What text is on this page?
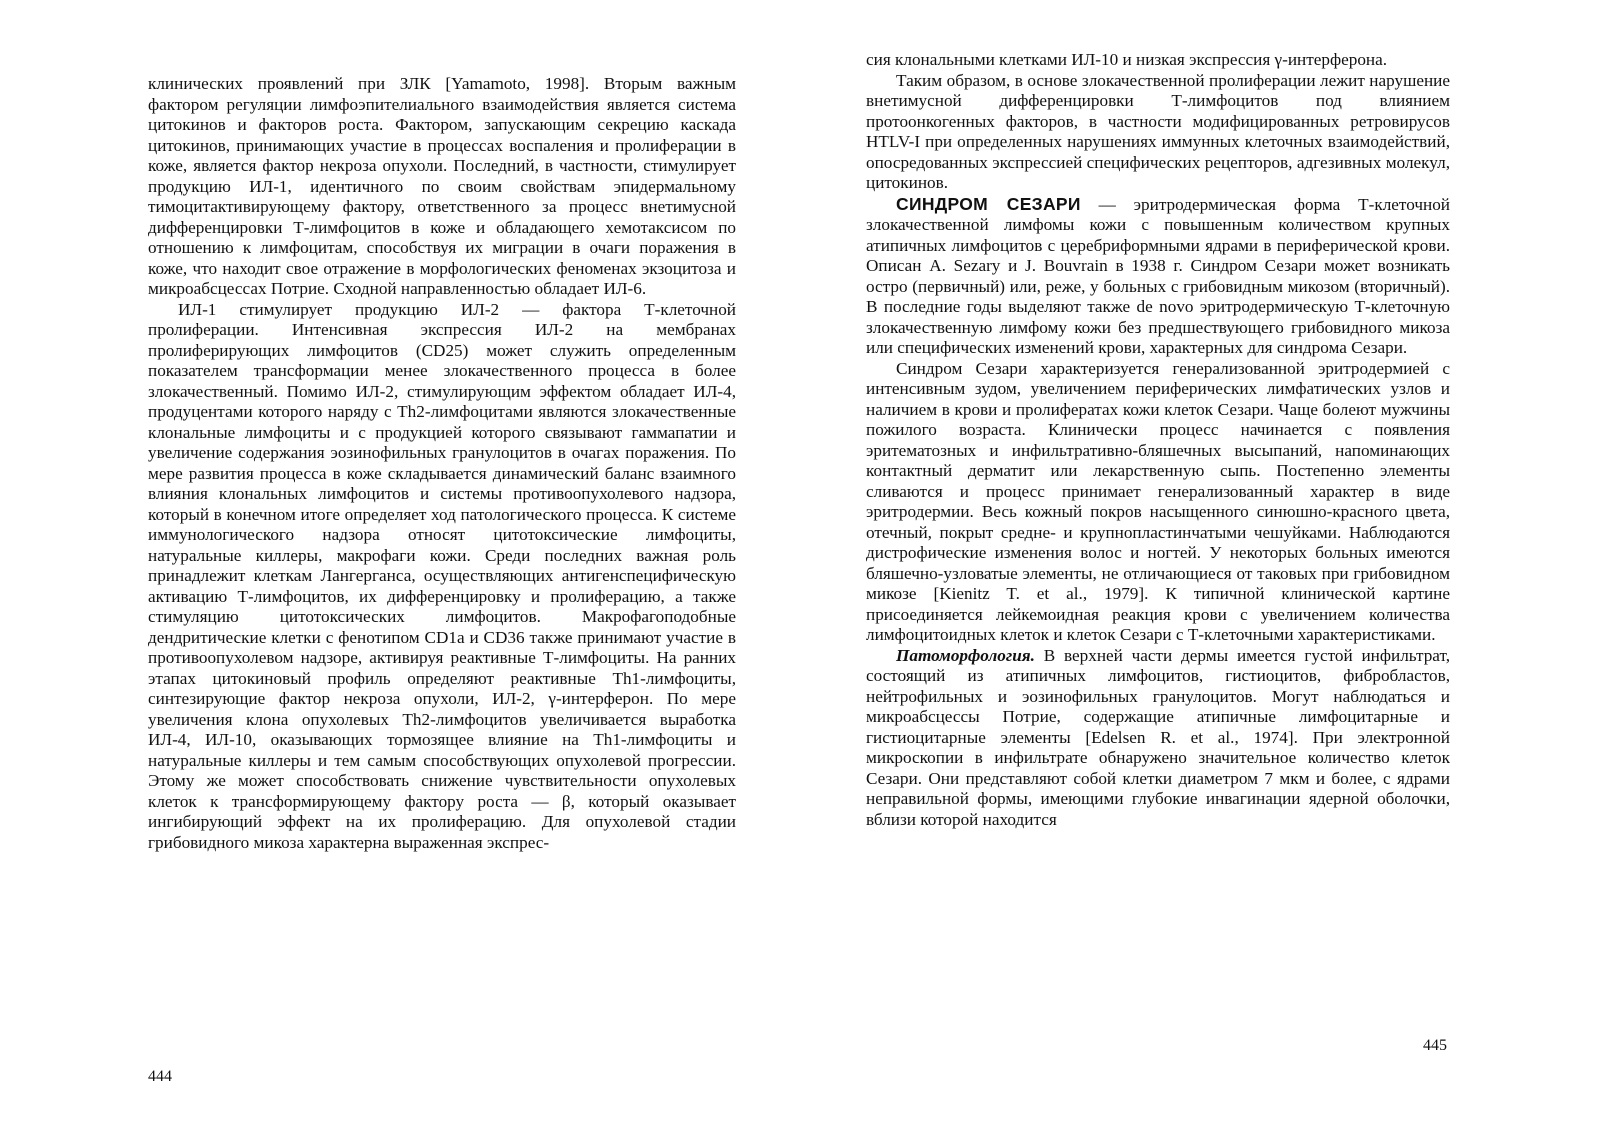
клинических проявлений при ЗЛК [Yamamoto, 1998]. Вторым важным фактором регуляции лимфоэпителиального взаимодействия является система цитокинов и факторов роста. Фактором, запускающим секрецию каскада цитокинов, принимающих участие в процессах воспаления и пролиферации в коже, является фактор некроза опухоли. Последний, в частности, стимулирует продукцию ИЛ-1, идентичного по своим свойствам эпидермальному тимоцитактивирующему фактору, ответственного за процесс внетимусной дифференцировки Т-лимфоцитов в коже и обладающего хемотаксисом по отношению к лимфоцитам, способствуя их миграции в очаги поражения в коже, что находит свое отражение в морфологических феноменах экзоцитоза и микроабсцессах Потрие. Сходной направленностью обладает ИЛ-6.

ИЛ-1 стимулирует продукцию ИЛ-2 — фактора Т-клеточной пролиферации. Интенсивная экспрессия ИЛ-2 на мембранах пролиферирующих лимфоцитов (CD25) может служить определенным показателем трансформации менее злокачественного процесса в более злокачественный. Помимо ИЛ-2, стимулирующим эффектом обладает ИЛ-4, продуцентами которого наряду с Th2-лимфоцитами являются злокачественные клональные лимфоциты и с продукцией которого связывают гаммапатии и увеличение содержания эозинофильных гранулоцитов в очагах поражения. По мере развития процесса в коже складывается динамический баланс взаимного влияния клональных лимфоцитов и системы противоопухолевого надзора, который в конечном итоге определяет ход патологического процесса. К системе иммунологического надзора относят цитотоксические лимфоциты, натуральные киллеры, макрофаги кожи. Среди последних важная роль принадлежит клеткам Лангерганса, осуществляющих антигенспецифическую активацию Т-лимфоцитов, их дифференцировку и пролиферацию, а также стимуляцию цитотоксических лимфоцитов. Макрофагоподобные дендритические клетки с фенотипом CD1a и CD36 также принимают участие в противоопухолевом надзоре, активируя реактивные Т-лимфоциты. На ранних этапах цитокиновый профиль определяют реактивные Th1-лимфоциты, синтезирующие фактор некроза опухоли, ИЛ-2, γ-интерферон. По мере увеличения клона опухолевых Th2-лимфоцитов увеличивается выработка ИЛ-4, ИЛ-10, оказывающих тормозящее влияние на Th1-лимфоциты и натуральные киллеры и тем самым способствующих опухолевой прогрессии. Этому же может способствовать снижение чувствительности опухолевых клеток к трансформирующему фактору роста — β, который оказывает ингибирующий эффект на их пролиферацию. Для опухолевой стадии грибовидного микоза характерна выраженная экспрес-

444

сия клональными клетками ИЛ-10 и низкая экспрессия γ-интерферона.

Таким образом, в основе злокачественной пролиферации лежит нарушение внетимусной дифференцировки Т-лимфоцитов под влиянием протоонкогенных факторов, в частности модифицированных ретровирусов HTLV-I при определенных нарушениях иммунных клеточных взаимодействий, опосредованных экспрессией специфических рецепторов, адгезивных молекул, цитокинов.

СИНДРОМ СЕЗАРИ — эритродермическая форма Т-клеточной злокачественной лимфомы кожи с повышенным количеством крупных атипичных лимфоцитов с церебриформными ядрами в периферической крови. Описан A. Sezary и J. Bouvrain в 1938 г. Синдром Сезари может возникать остро (первичный) или, реже, у больных с грибовидным микозом (вторичный). В последние годы выделяют также de novo эритродермическую Т-клеточную злокачественную лимфому кожи без предшествующего грибовидного микоза или специфических изменений крови, характерных для синдрома Сезари.

Синдром Сезари характеризуется генерализованной эритродермией с интенсивным зудом, увеличением периферических лимфатических узлов и наличием в крови и пролифератах кожи клеток Сезари. Чаще болеют мужчины пожилого возраста. Клинически процесс начинается с появления эритематозных и инфильтративно-бляшечных высыпаний, напоминающих контактный дерматит или лекарственную сыпь. Постепенно элементы сливаются и процесс принимает генерализованный характер в виде эритродермии. Весь кожный покров насыщенного синюшно-красного цвета, отечный, покрыт средне- и крупнопластинчатыми чешуйками. Наблюдаются дистрофические изменения волос и ногтей. У некоторых больных имеются бляшечно-узловатые элементы, не отличающиеся от таковых при грибовидном микозе [Kienitz T. et al., 1979]. К типичной клинической картине присоединяется лейкемоидная реакция крови с увеличением количества лимфоцитоидных клеток и клеток Сезари с Т-клеточными характеристиками.

Патоморфология. В верхней части дермы имеется густой инфильтрат, состоящий из атипичных лимфоцитов, гистиоцитов, фибробластов, нейтрофильных и эозинофильных гранулоцитов. Могут наблюдаться и микроабсцессы Потрие, содержащие атипичные лимфоцитарные и гистиоцитарные элементы [Edelsen R. et al., 1974]. При электронной микроскопии в инфильтрате обнаружено значительное количество клеток Сезари. Они представляют собой клетки диаметром 7 мкм и более, с ядрами неправильной формы, имеющими глубокие инвагинации ядерной оболочки, вблизи которой находится

445
